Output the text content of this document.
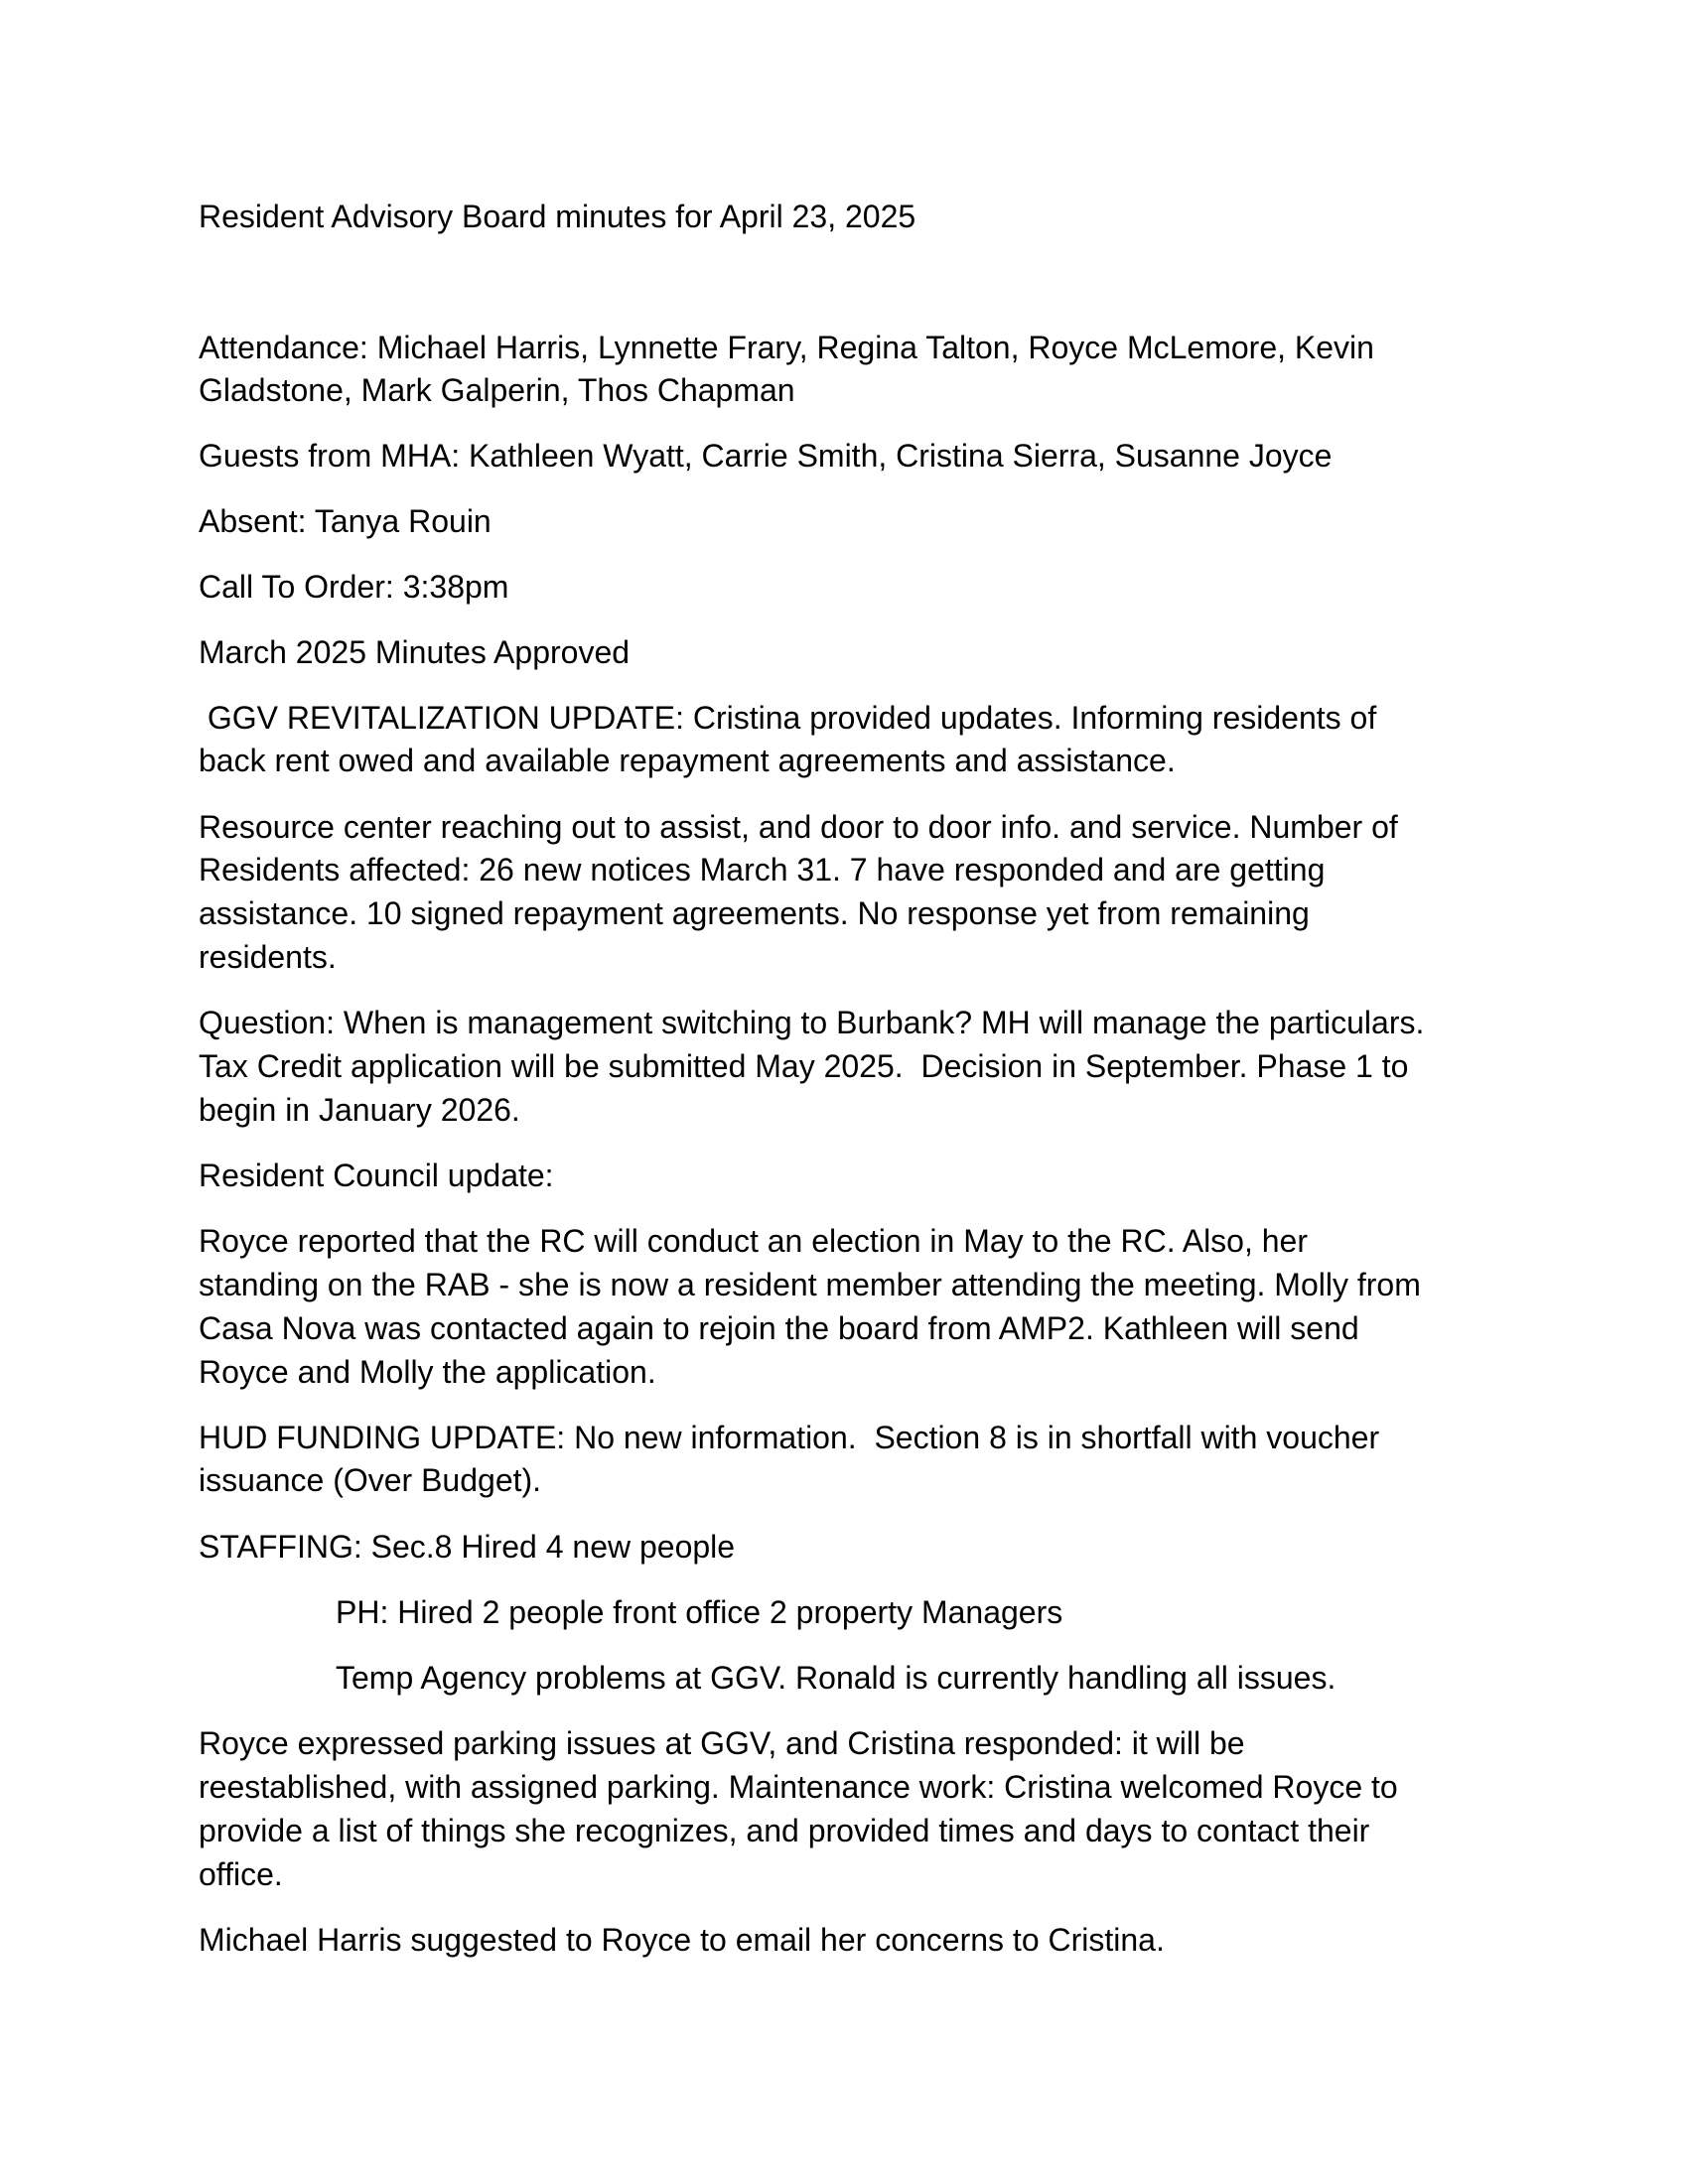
Resident Advisory Board minutes for April 23, 2025

Attendance: Michael Harris, Lynnette Frary, Regina Talton, Royce McLemore, Kevin

Gladstone, Mark Galperin, Thos Chapman

Guests from MHA: Kathleen Wyatt, Carrie Smith, Cristina Sierra, Susanne Joyce

Absent: Tanya Rouin

Call To Order: 3:38pm

March 2025 Minutes Approved

GGV REVITALIZATION UPDATE: Cristina provided updates. Informing residents of

back rent owed and available repayment agreements and assistance.

Resource center reaching out to assist, and door to door info. and service. Number of

Residents affected: 26 new notices March 31. 7 have responded and are getting

assistance. 10 signed repayment agreements. No response yet from remaining

residents.

Question: When is management switching to Burbank? MH will manage the particulars.

Tax Credit application will be submitted May 2025.  Decision in September. Phase 1 to

begin in January 2026.

Resident Council update:

Royce reported that the RC will conduct an election in May to the RC. Also, her

standing on the RAB - she is now a resident member attending the meeting. Molly from

Casa Nova was contacted again to rejoin the board from AMP2. Kathleen will send

Royce and Molly the application.

HUD FUNDING UPDATE: No new information.  Section 8 is in shortfall with voucher

issuance (Over Budget).

STAFFING: Sec.8 Hired 4 new people

PH: Hired 2 people front office 2 property Managers

Temp Agency problems at GGV. Ronald is currently handling all issues.

Royce expressed parking issues at GGV, and Cristina responded: it will be

reestablished, with assigned parking. Maintenance work: Cristina welcomed Royce to

provide a list of things she recognizes, and provided times and days to contact their

office.

Michael Harris suggested to Royce to email her concerns to Cristina.
